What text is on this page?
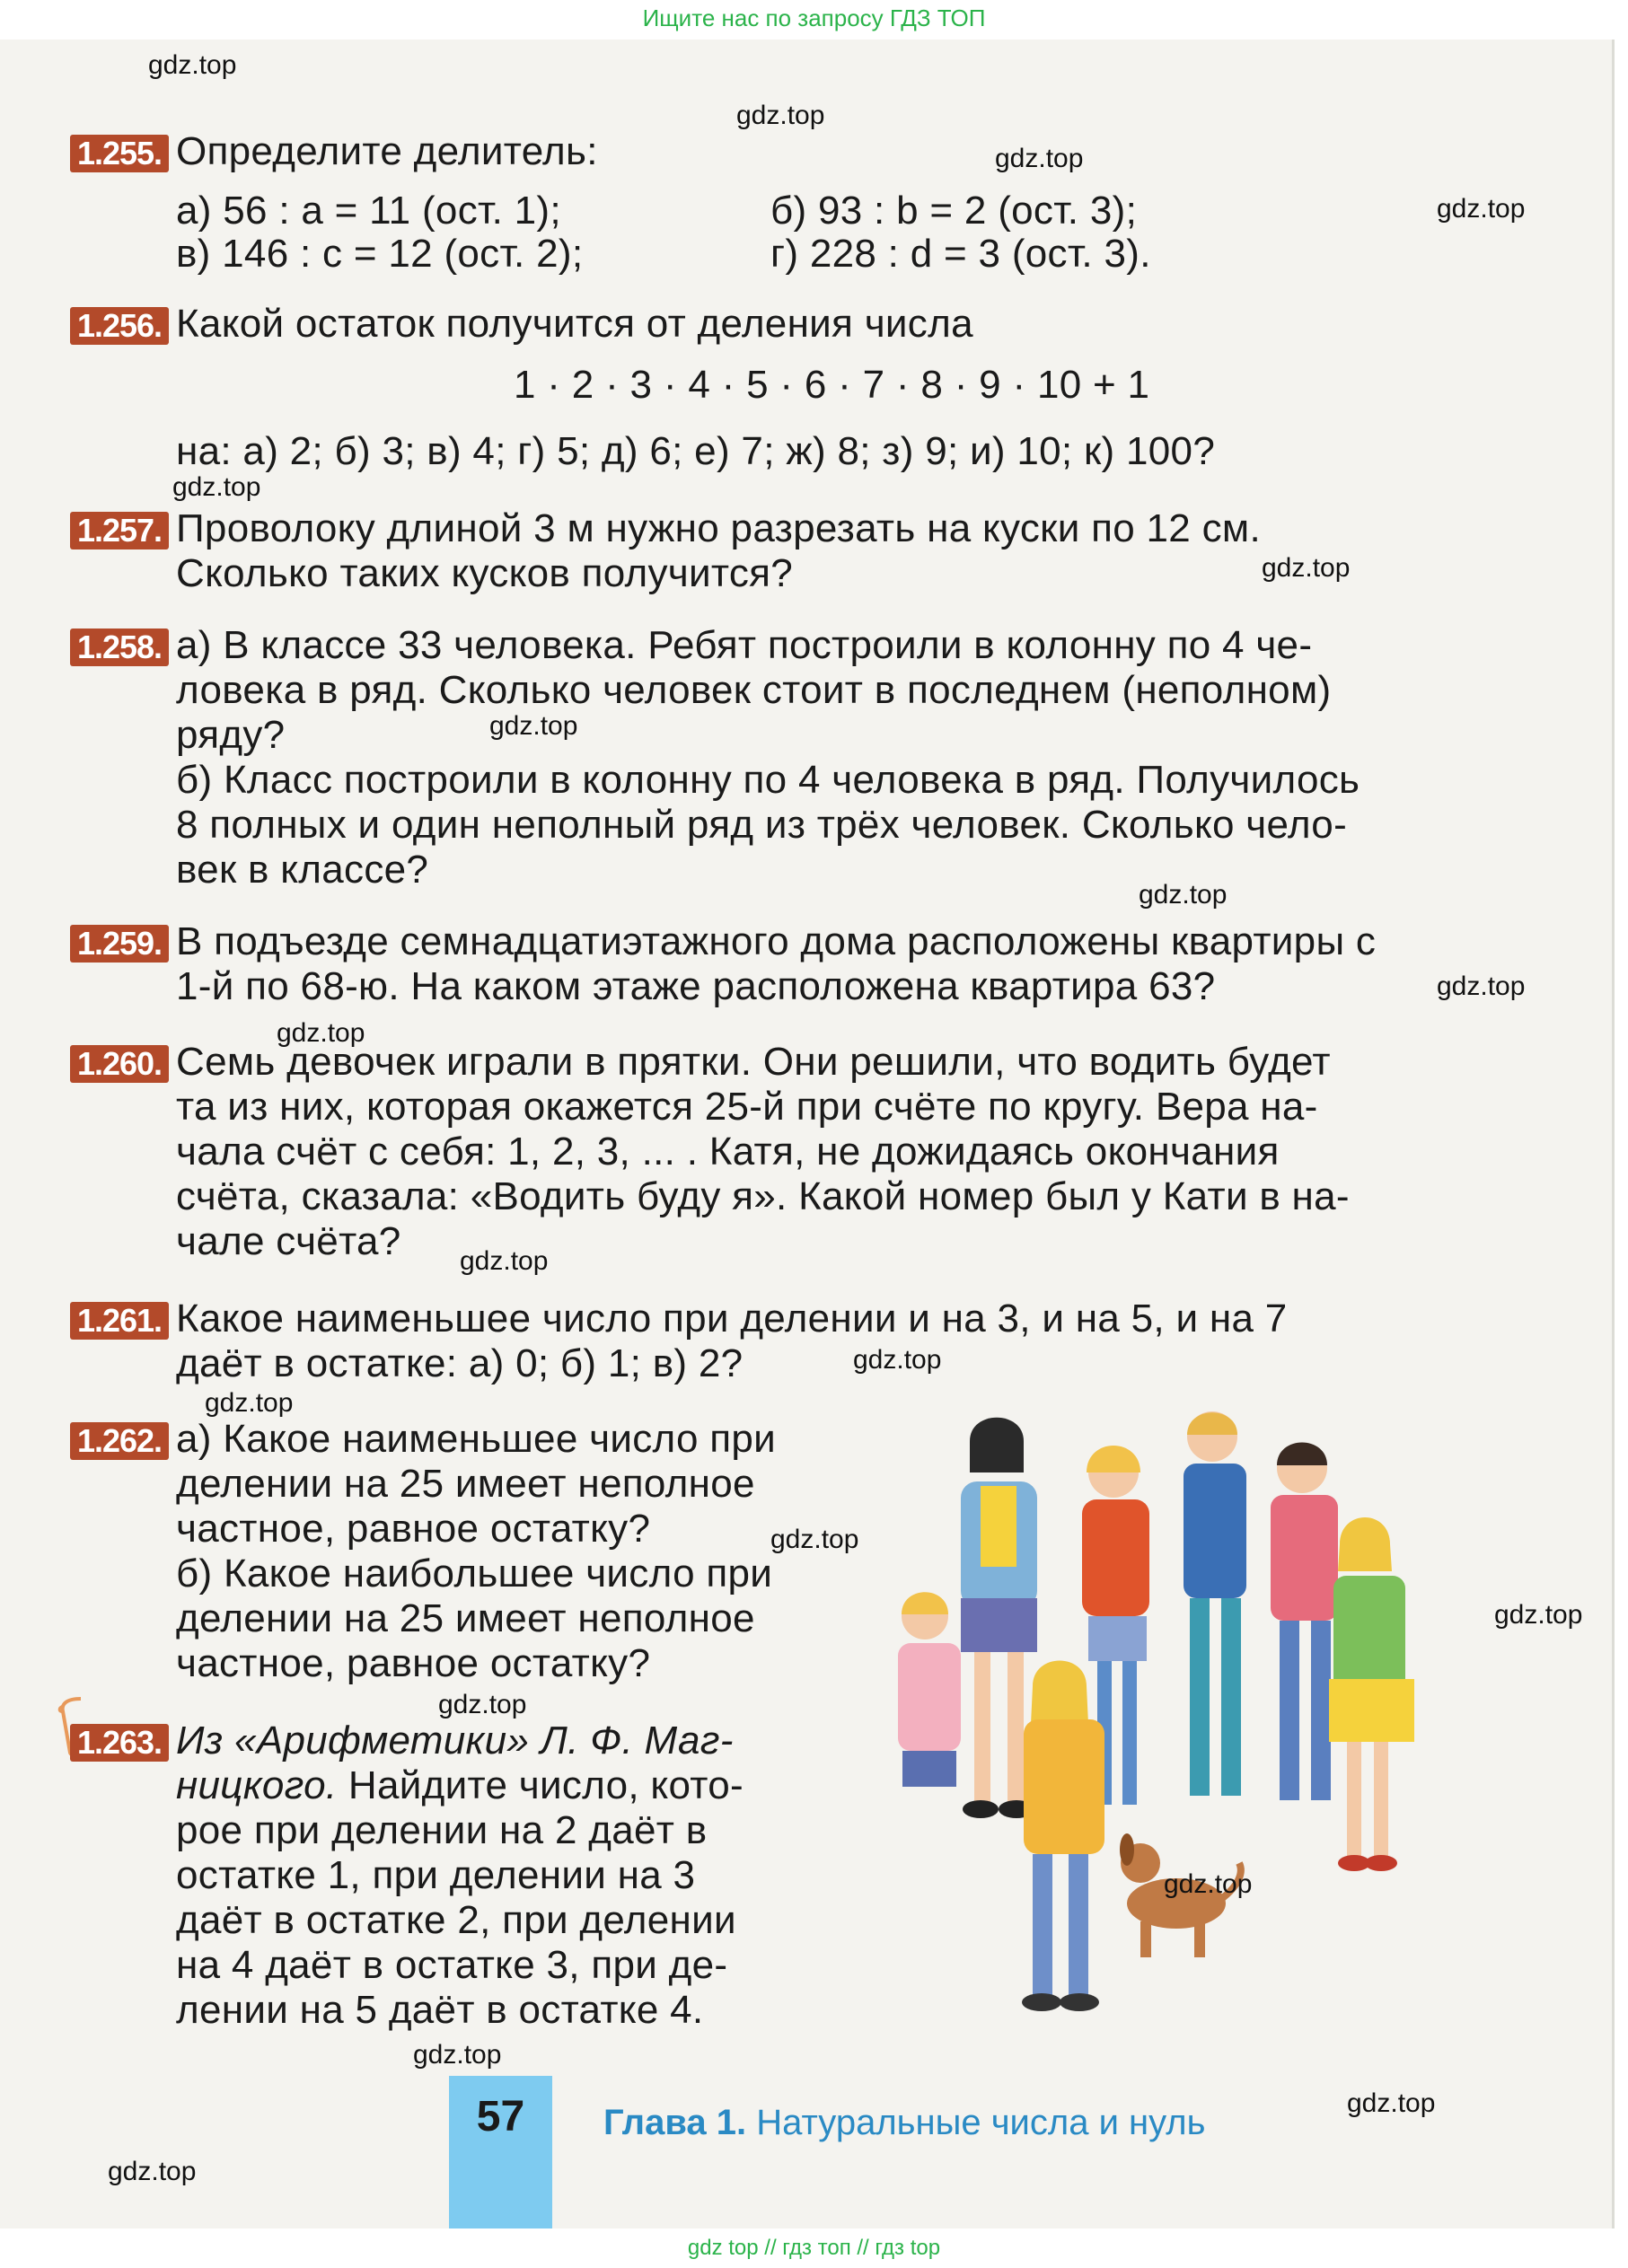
Ищите нас по запросу ГДЗ ТОП
1.255. Определите делитель:
а) 56 : a = 11 (ост. 1);	б) 93 : b = 2 (ост. 3);
в) 146 : c = 12 (ост. 2);	г) 228 : d = 3 (ост. 3).
1.256. Какой остаток получится от деления числа
1 · 2 · 3 · 4 · 5 · 6 · 7 · 8 · 9 · 10 + 1
на: а) 2; б) 3; в) 4; г) 5; д) 6; е) 7; ж) 8; з) 9; и) 10; к) 100?
1.257. Проволоку длиной 3 м нужно разрезать на куски по 12 см.
Сколько таких кусков получится?
1.258. а) В классе 33 человека. Ребят построили в колонну по 4 че-
ловека в ряд. Сколько человек стоит в последнем (неполном)
ряду?
б) Класс построили в колонну по 4 человека в ряд. Получилось
8 полных и один неполный ряд из трёх человек. Сколько чело-
век в классе?
1.259. В подъезде семнадцатиэтажного дома расположены квартиры с
1-й по 68-ю. На каком этаже расположена квартира 63?
1.260. Семь девочек играли в прятки. Они решили, что водить будет
та из них, которая окажется 25-й при счёте по кругу. Вера на-
чала счёт с себя: 1, 2, 3, ... . Катя, не дожидаясь окончания
счёта, сказала: «Водить буду я». Какой номер был у Кати в на-
чале счёта?
1.261. Какое наименьшее число при делении и на 3, и на 5, и на 7
даёт в остатке: а) 0; б) 1; в) 2?
1.262. а) Какое наименьшее число при
делении на 25 имеет неполное
частное, равное остатку?
б) Какое наибольшее число при
делении на 25 имеет неполное
частное, равное остатку?
1.263. Из «Арифметики» Л. Ф. Маг-
ницкого. Найдите число, кото-
рое при делении на 2 даёт в
остатке 1, при делении на 3
даёт в остатке 2, при делении
на 4 даёт в остатке 3, при де-
лении на 5 даёт в остатке 4.
57	Глава 1. Натуральные числа и нуль
gdz.top
gdz.top
gdz.top
gdz.top
gdz.top
gdz.top
gdz.top
gdz.top
gdz.top
gdz.top
gdz.top
gdz.top
gdz.top
gdz.top
gdz.top
gdz.top
gdz.top
gdz.top
gdz.top
gdz.top
gdz top // гдз топ // гдз top
